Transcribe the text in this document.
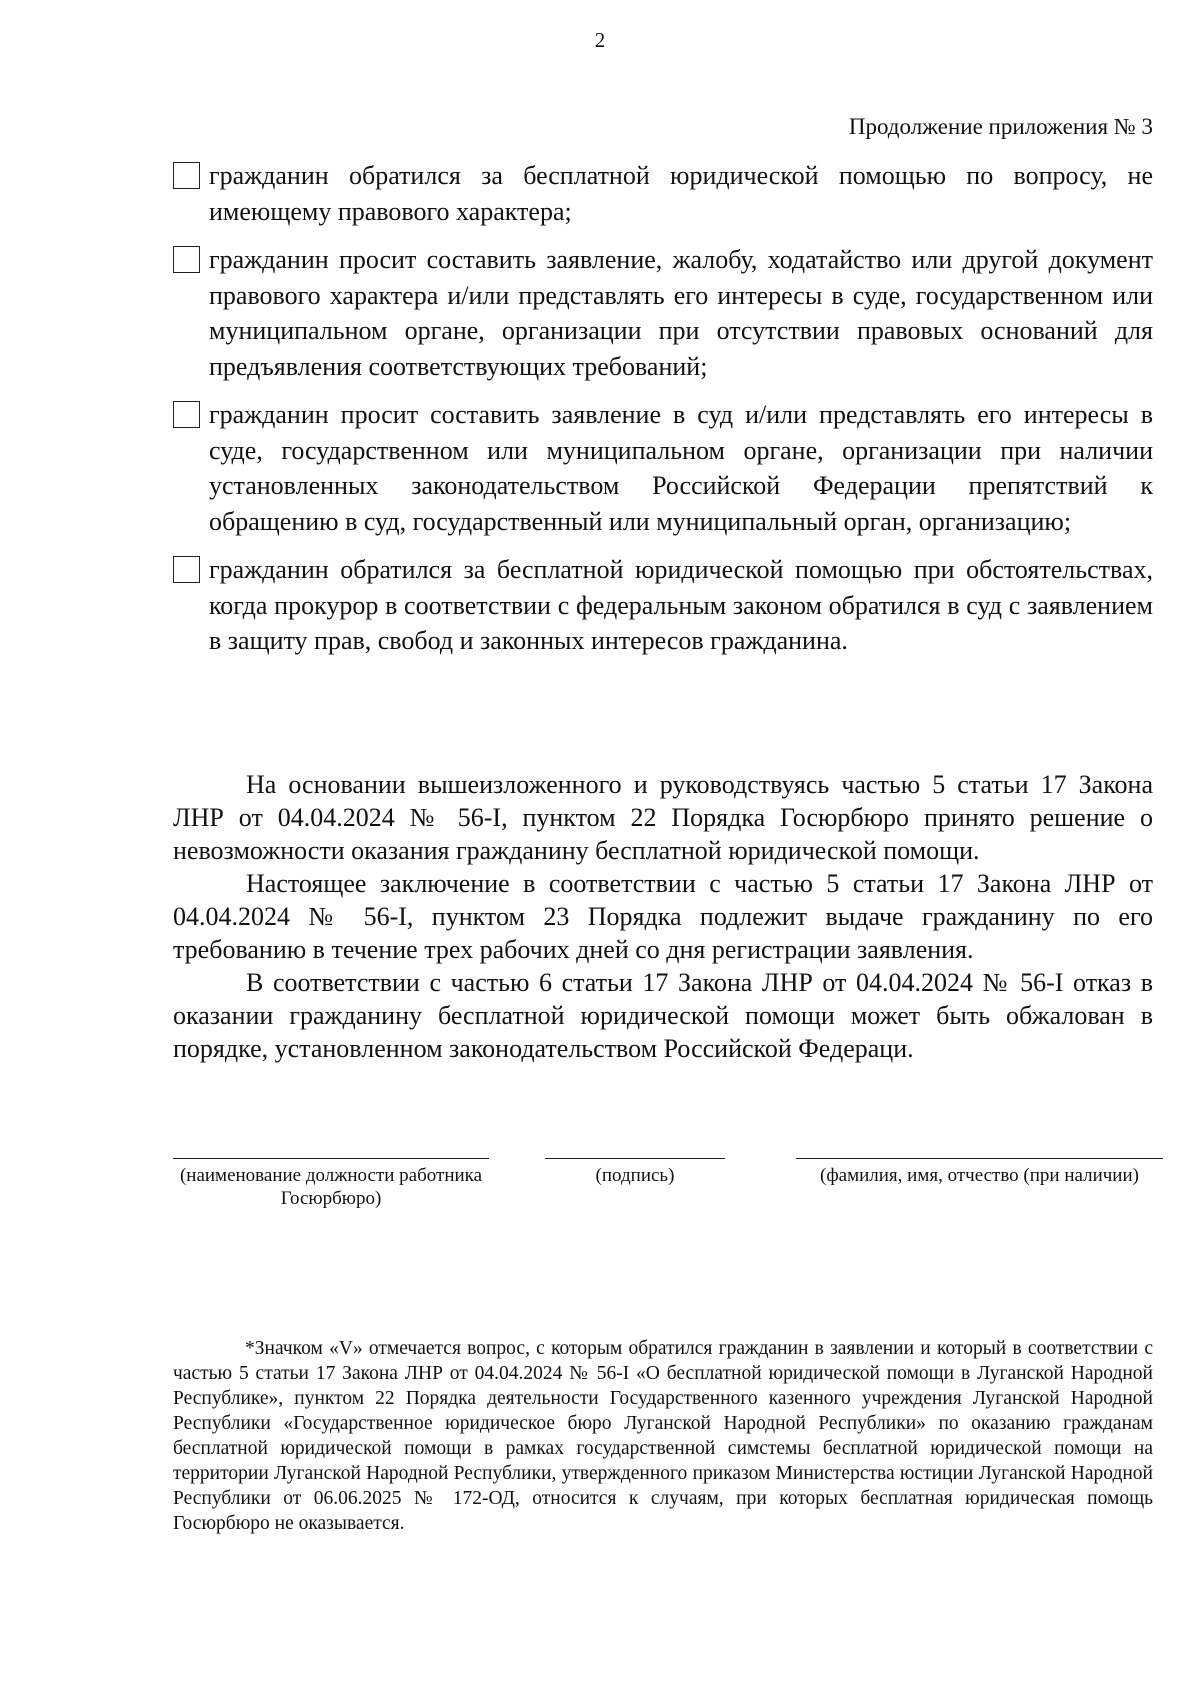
2
Продолжение приложения № 3
гражданин обратился за бесплатной юридической помощью по вопросу, не имеющему правового характера;
гражданин просит составить заявление, жалобу, ходатайство или другой документ правового характера и/или представлять его интересы в суде, государственном или муниципальном органе, организации при отсутствии правовых оснований для предъявления соответствующих требований;
гражданин просит составить заявление в суд и/или представлять его интересы в суде, государственном или муниципальном органе, организации при наличии установленных законодательством Российской Федерации препятствий к обращению в суд, государственный или муниципальный орган, организацию;
гражданин обратился за бесплатной юридической помощью при обстоятельствах, когда прокурор в соответствии с федеральным законом обратился в суд с заявлением в защиту прав, свобод и законных интересов гражданина.

На основании вышеизложенного и руководствуясь частью 5 статьи 17 Закона ЛНР от 04.04.2024 № 56-I, пунктом 22 Порядка Госюрбюро принято решение о невозможности оказания гражданину бесплатной юридической помощи.

Настоящее заключение в соответствии с частью 5 статьи 17 Закона ЛНР от 04.04.2024 № 56-I, пунктом 23 Порядка подлежит выдаче гражданину по его требованию в течение трех рабочих дней со дня регистрации заявления.

В соответствии с частью 6 статьи 17 Закона ЛНР от 04.04.2024 № 56-I отказ в оказании гражданину бесплатной юридической помощи может быть обжалован в порядке, установленном законодательством Российской Федераци.

(наименование должности работника Госюрбюро)
(подпись)	(фамилия, имя, отчество (при наличии)

*Значком «V» отмечается вопрос, с которым обратился гражданин в заявлении и который в соответствии с частью 5 статьи 17 Закона ЛНР от 04.04.2024 № 56-I «О бесплатной юридической помощи в Луганской Народной Республике», пунктом 22 Порядка деятельности Государственного казенного учреждения Луганской Народной Республики «Государственное юридическое бюро Луганской Народной Республики» по оказанию гражданам бесплатной юридической помощи в рамках государственной симстемы бесплатной юридической помощи на территории Луганской Народной Республики, утвержденного приказом Министерства юстиции Луганской Народной Республики от 06.06.2025 № 172-ОД, относится к случаям, при которых бесплатная юридическая помощь Госюрбюро не оказывается.
